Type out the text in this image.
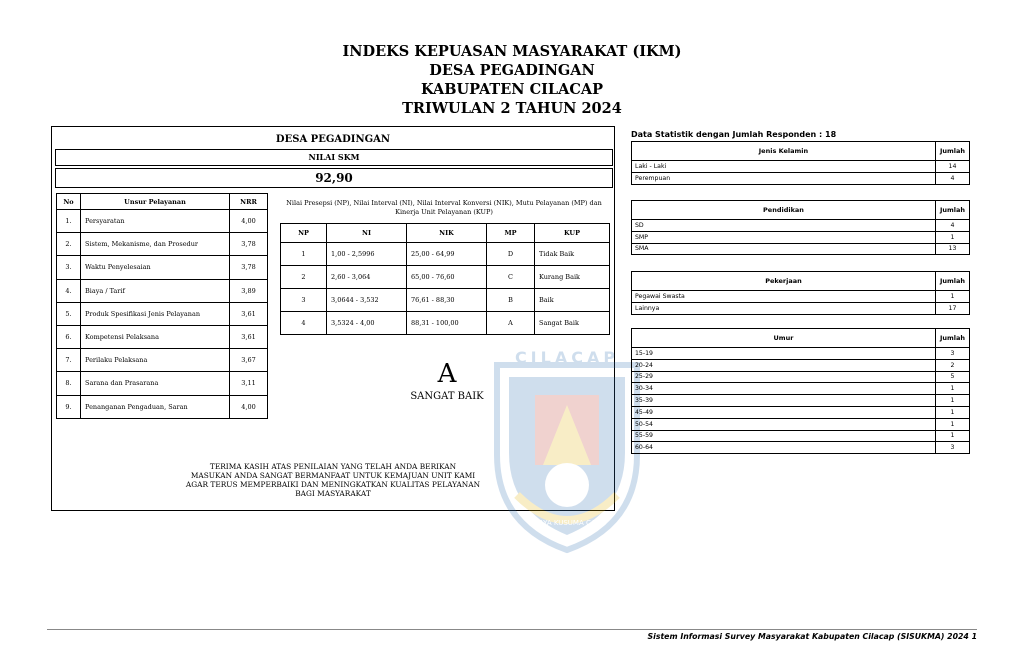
INDEKS KEPUASAN MASYARAKAT (IKM)
DESA PEGADINGAN
KABUPATEN CILACAP
TRIWULAN 2 TAHUN 2024
DESA PEGADINGAN
NILAI SKM
92,90
No	Unsur Pelayanan	NRR
1.	Persyaratan	4,00
2.	Sistem, Mekanisme, dan Prosedur	3,78
3.	Waktu Penyelesaian	3,78
4.	Biaya / Tarif	3,89
5.	Produk Spesifikasi Jenis Pelayanan	3,61
6.	Kompetensi Pelaksana	3,61
7.	Perilaku Pelaksana	3,67
8.	Sarana dan Prasarana	3,11
9.	Penanganan Pengaduan, Saran	4,00
Nilai Presepsi (NP), Nilai Interval (NI), Nilai Interval Konversi (NIK), Mutu Pelayanan (MP) dan Kinerja Unit Pelayanan (KUP)
CILACAP
WIJAYA KUSUMA CAKTI
NP	NI	NIK	MP	KUP
1	1,00 - 2,5996	25,00 - 64,99	D	Tidak Baik
2	2,60 - 3,064	65,00 - 76,60	C	Kurang Baik
3	3,0644 - 3,532	76,61 - 88,30	B	Baik
4	3,5324 - 4,00	88,31 - 100,00	A	Sangat Baik
A
SANGAT BAIK
TERIMA KASIH ATAS PENILAIAN YANG TELAH ANDA BERIKAN
MASUKAN ANDA SANGAT BERMANFAAT UNTUK KEMAJUAN UNIT KAMI
AGAR TERUS MEMPERBAIKI DAN MENINGKATKAN KUALITAS PELAYANAN
BAGI MASYARAKAT
Data Statistik dengan Jumlah Responden : 18
Jenis Kelamin	Jumlah
Laki - Laki	14
Perempuan	4
Pendidikan	Jumlah
SD	4
SMP	1
SMA	13
Pekerjaan	Jumlah
Pegawai Swasta	1
Lainnya	17
Umur	Jumlah
15-19	3
20-24	2
25-29	5
30-34	1
35-39	1
45-49	1
50-54	1
55-59	1
60-64	3
Sistem Informasi Survey Masyarakat Kabupaten Cilacap (SISUKMA) 2024 1
